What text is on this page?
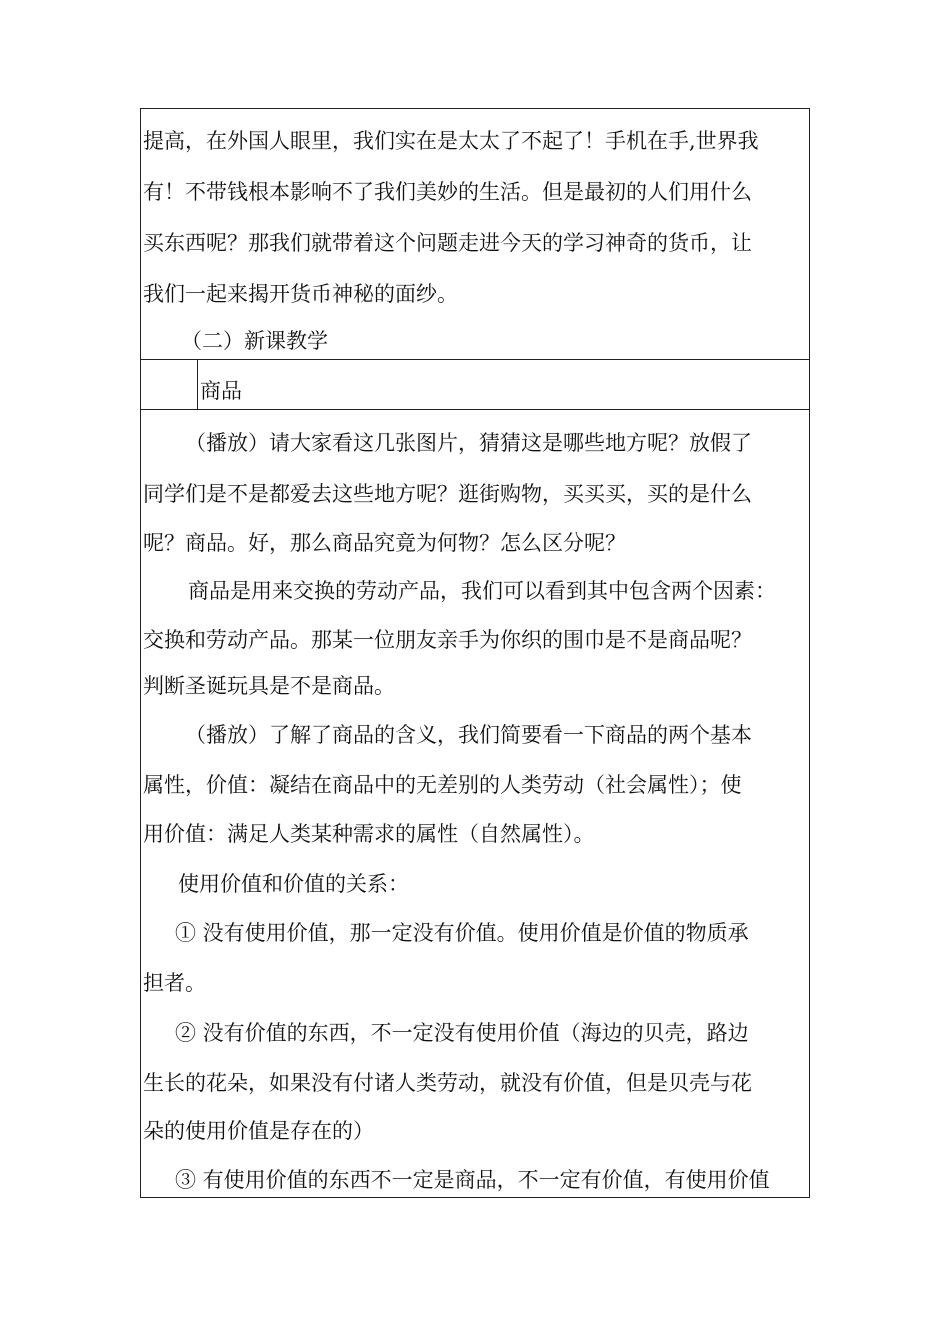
提高，在外国人眼里，我们实在是太太了不起了！手机在手,世界我
有！不带钱根本影响不了我们美妙的生活。但是最初的人们用什么
买东西呢？那我们就带着这个问题走进今天的学习神奇的货币，让
我们一起来揭开货币神秘的面纱。
（二）新课教学
商品
（播放）请大家看这几张图片，猜猜这是哪些地方呢？放假了
同学们是不是都爱去这些地方呢？逛街购物，买买买，买的是什么
呢？商品。好，那么商品究竟为何物？怎么区分呢？
商品是用来交换的劳动产品，我们可以看到其中包含两个因素：
交换和劳动产品。那某一位朋友亲手为你织的围巾是不是商品呢？
判断圣诞玩具是不是商品。
（播放）了解了商品的含义，我们简要看一下商品的两个基本
属性，价值：凝结在商品中的无差别的人类劳动（社会属性）；使
用价值：满足人类某种需求的属性（自然属性）。
使用价值和价值的关系：
① 没有使用价值，那一定没有价值。使用价值是价值的物质承
担者。
② 没有价值的东西，不一定没有使用价值（海边的贝壳，路边
生长的花朵，如果没有付诸人类劳动，就没有价值，但是贝壳与花
朵的使用价值是存在的）
③ 有使用价值的东西不一定是商品，不一定有价值，有使用价值
